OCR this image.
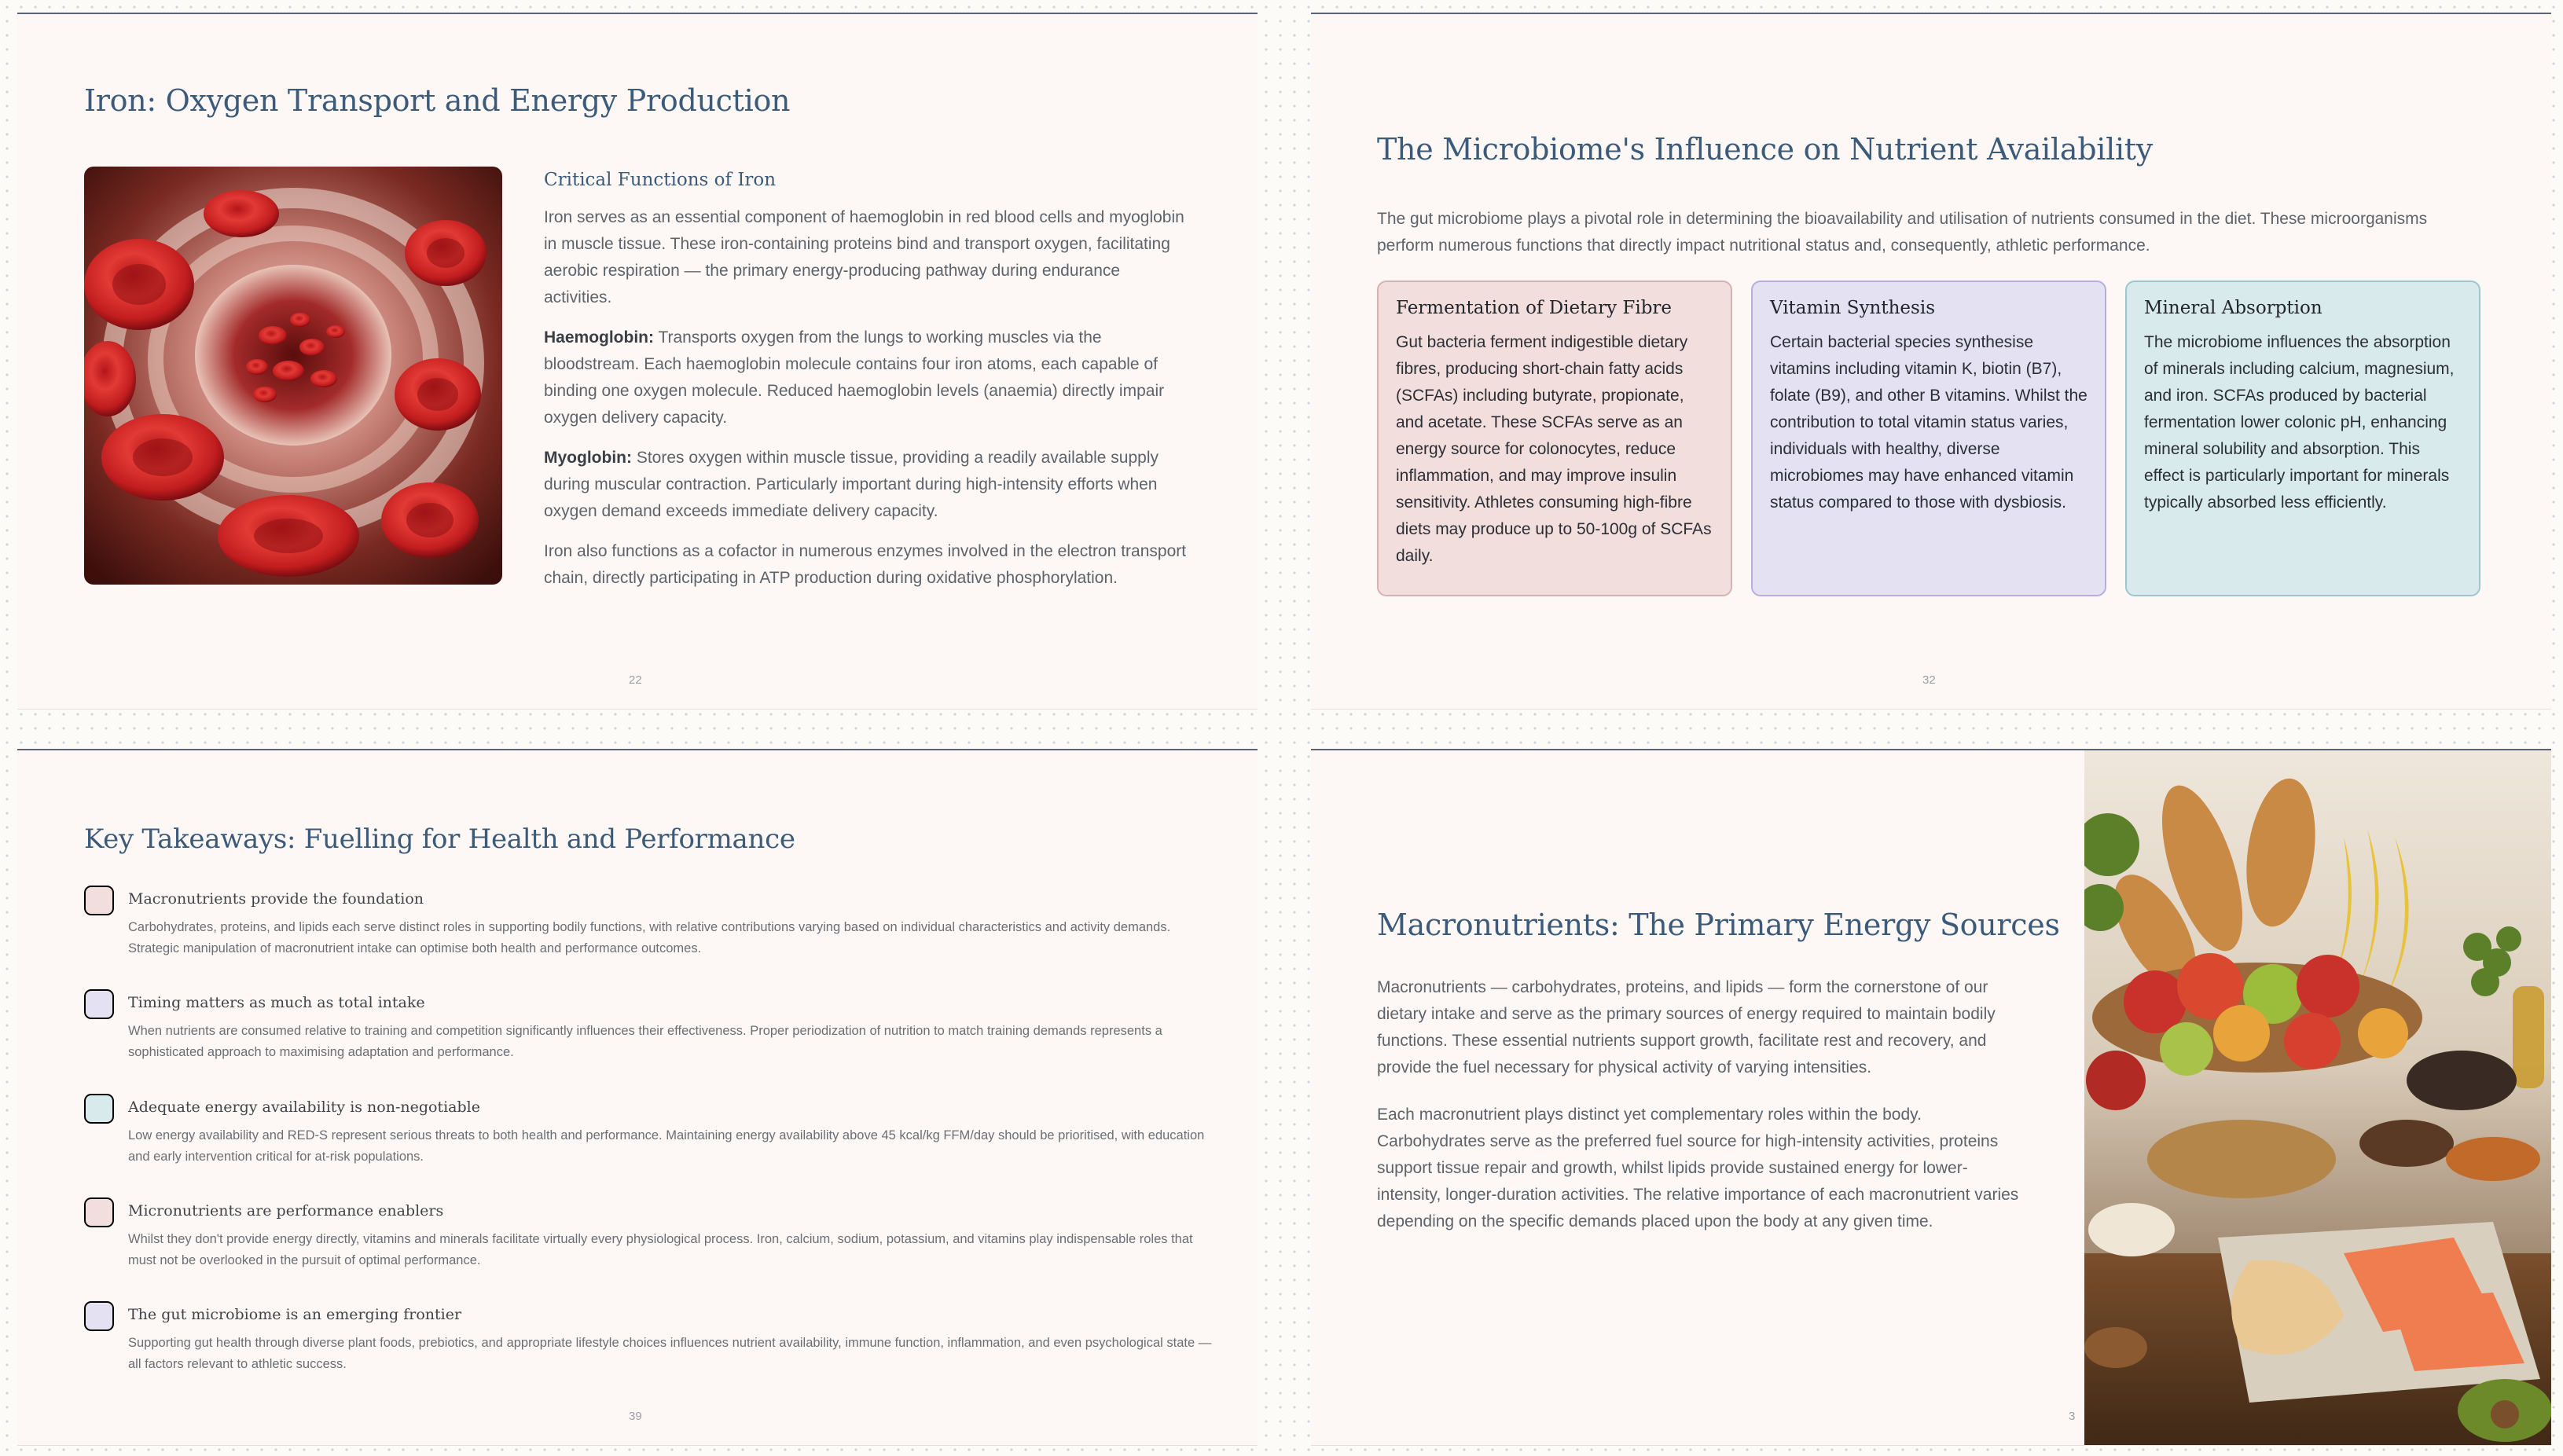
Iron: Oxygen Transport and Energy Production
Critical Functions of Iron

Iron serves as an essential component of haemoglobin in red blood cells and myoglobin in muscle tissue. These iron-containing proteins bind and transport oxygen, facilitating aerobic respiration — the primary energy-producing pathway during endurance activities.

Haemoglobin: Transports oxygen from the lungs to working muscles via the bloodstream. Each haemoglobin molecule contains four iron atoms, each capable of binding one oxygen molecule. Reduced haemoglobin levels (anaemia) directly impair oxygen delivery capacity.

Myoglobin: Stores oxygen within muscle tissue, providing a readily available supply during muscular contraction. Particularly important during high-intensity efforts when oxygen demand exceeds immediate delivery capacity.

Iron also functions as a cofactor in numerous enzymes involved in the electron transport chain, directly participating in ATP production during oxidative phosphorylation.

22
The Microbiome's Influence on Nutrient Availability

The gut microbiome plays a pivotal role in determining the bioavailability and utilisation of nutrients consumed in the diet. These microorganisms perform numerous functions that directly impact nutritional status and, consequently, athletic performance.

Fermentation of Dietary Fibre

Gut bacteria ferment indigestible dietary fibres, producing short-chain fatty acids (SCFAs) including butyrate, propionate, and acetate. These SCFAs serve as an energy source for colonocytes, reduce inflammation, and may improve insulin sensitivity. Athletes consuming high-fibre diets may produce up to 50-100g of SCFAs daily.

Vitamin Synthesis

Certain bacterial species synthesise vitamins including vitamin K, biotin (B7), folate (B9), and other B vitamins. Whilst the contribution to total vitamin status varies, individuals with healthy, diverse microbiomes may have enhanced vitamin status compared to those with dysbiosis.

Mineral Absorption

The microbiome influences the absorption of minerals including calcium, magnesium, and iron. SCFAs produced by bacterial fermentation lower colonic pH, enhancing mineral solubility and absorption. This effect is particularly important for minerals typically absorbed less efficiently.

32
Key Takeaways: Fuelling for Health and Performance
Macronutrients provide the foundation
Carbohydrates, proteins, and lipids each serve distinct roles in supporting bodily functions, with relative contributions varying based on individual characteristics and activity demands. Strategic manipulation of macronutrient intake can optimise both health and performance outcomes.
Timing matters as much as total intake
When nutrients are consumed relative to training and competition significantly influences their effectiveness. Proper periodization of nutrition to match training demands represents a sophisticated approach to maximising adaptation and performance.
Adequate energy availability is non-negotiable
Low energy availability and RED-S represent serious threats to both health and performance. Maintaining energy availability above 45 kcal/kg FFM/day should be prioritised, with education and early intervention critical for at-risk populations.
Micronutrients are performance enablers
Whilst they don't provide energy directly, vitamins and minerals facilitate virtually every physiological process. Iron, calcium, sodium, potassium, and vitamins play indispensable roles that must not be overlooked in the pursuit of optimal performance.
The gut microbiome is an emerging frontier
Supporting gut health through diverse plant foods, prebiotics, and appropriate lifestyle choices influences nutrient availability, immune function, inflammation, and even psychological state — all factors relevant to athletic success.
39
Macronutrients: The Primary Energy Sources

Macronutrients — carbohydrates, proteins, and lipids — form the cornerstone of our dietary intake and serve as the primary sources of energy required to maintain bodily functions. These essential nutrients support growth, facilitate rest and recovery, and provide the fuel necessary for physical activity of varying intensities.

Each macronutrient plays distinct yet complementary roles within the body. Carbohydrates serve as the preferred fuel source for high-intensity activities, proteins support tissue repair and growth, whilst lipids provide sustained energy for lower-intensity, longer-duration activities. The relative importance of each macronutrient varies depending on the specific demands placed upon the body at any given time.

3
